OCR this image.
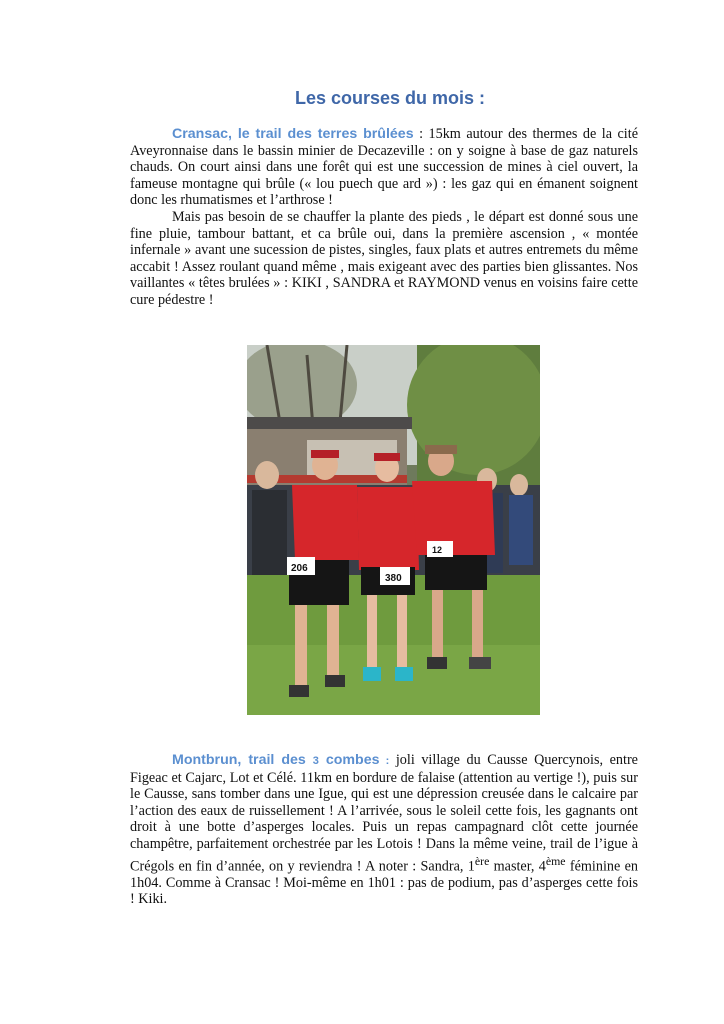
Les courses du mois :

Cransac, le trail des terres brûlées : 15km autour des thermes de la cité Aveyronnaise dans le bassin minier de Decazeville : on y soigne à base de gaz naturels chauds. On court ainsi dans une forêt qui est une succession de mines à ciel ouvert, la fameuse montagne qui brûle (« lou puech que ard ») : les gaz qui en émanent soignent donc les rhumatismes et l’arthrose !

Mais pas besoin de se chauffer la plante des pieds , le départ est donné sous une fine pluie, tambour battant, et ca brûle oui, dans la première ascension , « montée infernale » avant une sucession de pistes, singles, faux plats et autres entremets du même accabit ! Assez roulant quand même , mais exigeant avec des parties bien glissantes. Nos vaillantes « têtes brulées » : KIKI , SANDRA et RAYMOND venus en voisins faire cette cure pédestre !

206
380
12

Montbrun, trail des 3 combes : joli village du Causse Quercynois, entre Figeac et Cajarc, Lot et Célé. 11km en bordure de falaise (attention au vertige !), puis sur le Causse, sans tomber dans une Igue, qui est une dépression creusée dans le calcaire par l’action des eaux de ruissellement ! A l’arrivée, sous le soleil cette fois, les gagnants ont droit à une botte d’asperges locales. Puis un repas campagnard clôt cette journée champêtre, parfaitement orchestrée par les Lotois ! Dans la même veine, trail de l’igue à Crégols en fin d’année, on y reviendra ! A noter : Sandra, 1ère master, 4ème féminine en 1h04. Comme à Cransac ! Moi-même en 1h01 : pas de podium, pas d’asperges cette fois ! Kiki.
